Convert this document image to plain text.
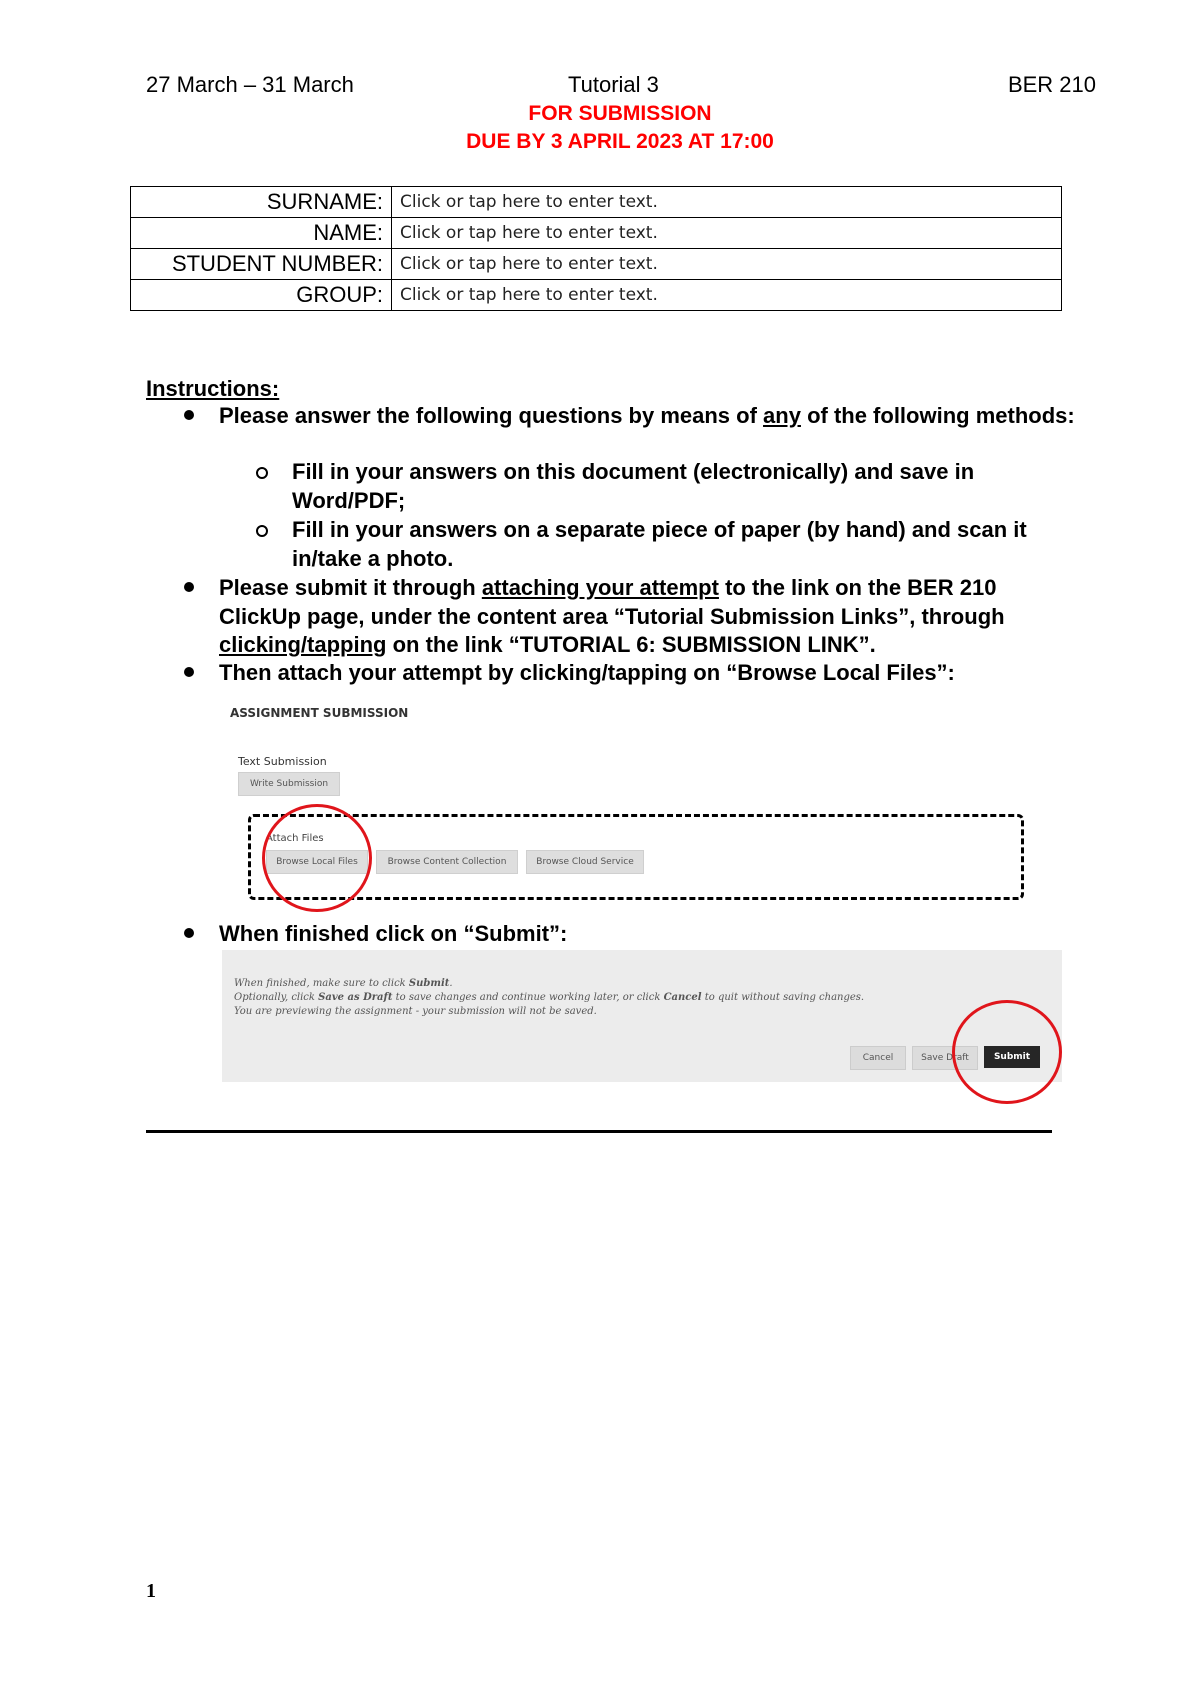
27 March – 31 March	Tutorial 3	BER 210
FOR SUBMISSION
DUE BY 3 APRIL 2023 AT 17:00
SURNAME:	Click or tap here to enter text.
NAME:	Click or tap here to enter text.
STUDENT NUMBER:	Click or tap here to enter text.
GROUP:	Click or tap here to enter text.
Instructions:
Please answer the following questions by means of any of the following methods:
Fill in your answers on this document (electronically) and save in Word/PDF;
Fill in your answers on a separate piece of paper (by hand) and scan it in/take a photo.
Please submit it through attaching your attempt to the link on the BER 210 ClickUp page, under the content area “Tutorial Submission Links”, through clicking/tapping on the link “TUTORIAL 6: SUBMISSION LINK”.
Then attach your attempt by clicking/tapping on “Browse Local Files”:
ASSIGNMENT SUBMISSION
Text Submission
Write Submission
Attach Files
Browse Local Files	Browse Content Collection	Browse Cloud Service
When finished click on “Submit”:
When finished, make sure to click Submit.
Optionally, click Save as Draft to save changes and continue working later, or click Cancel to quit without saving changes.
You are previewing the assignment - your submission will not be saved.
Cancel	Save Draft	Submit
1
